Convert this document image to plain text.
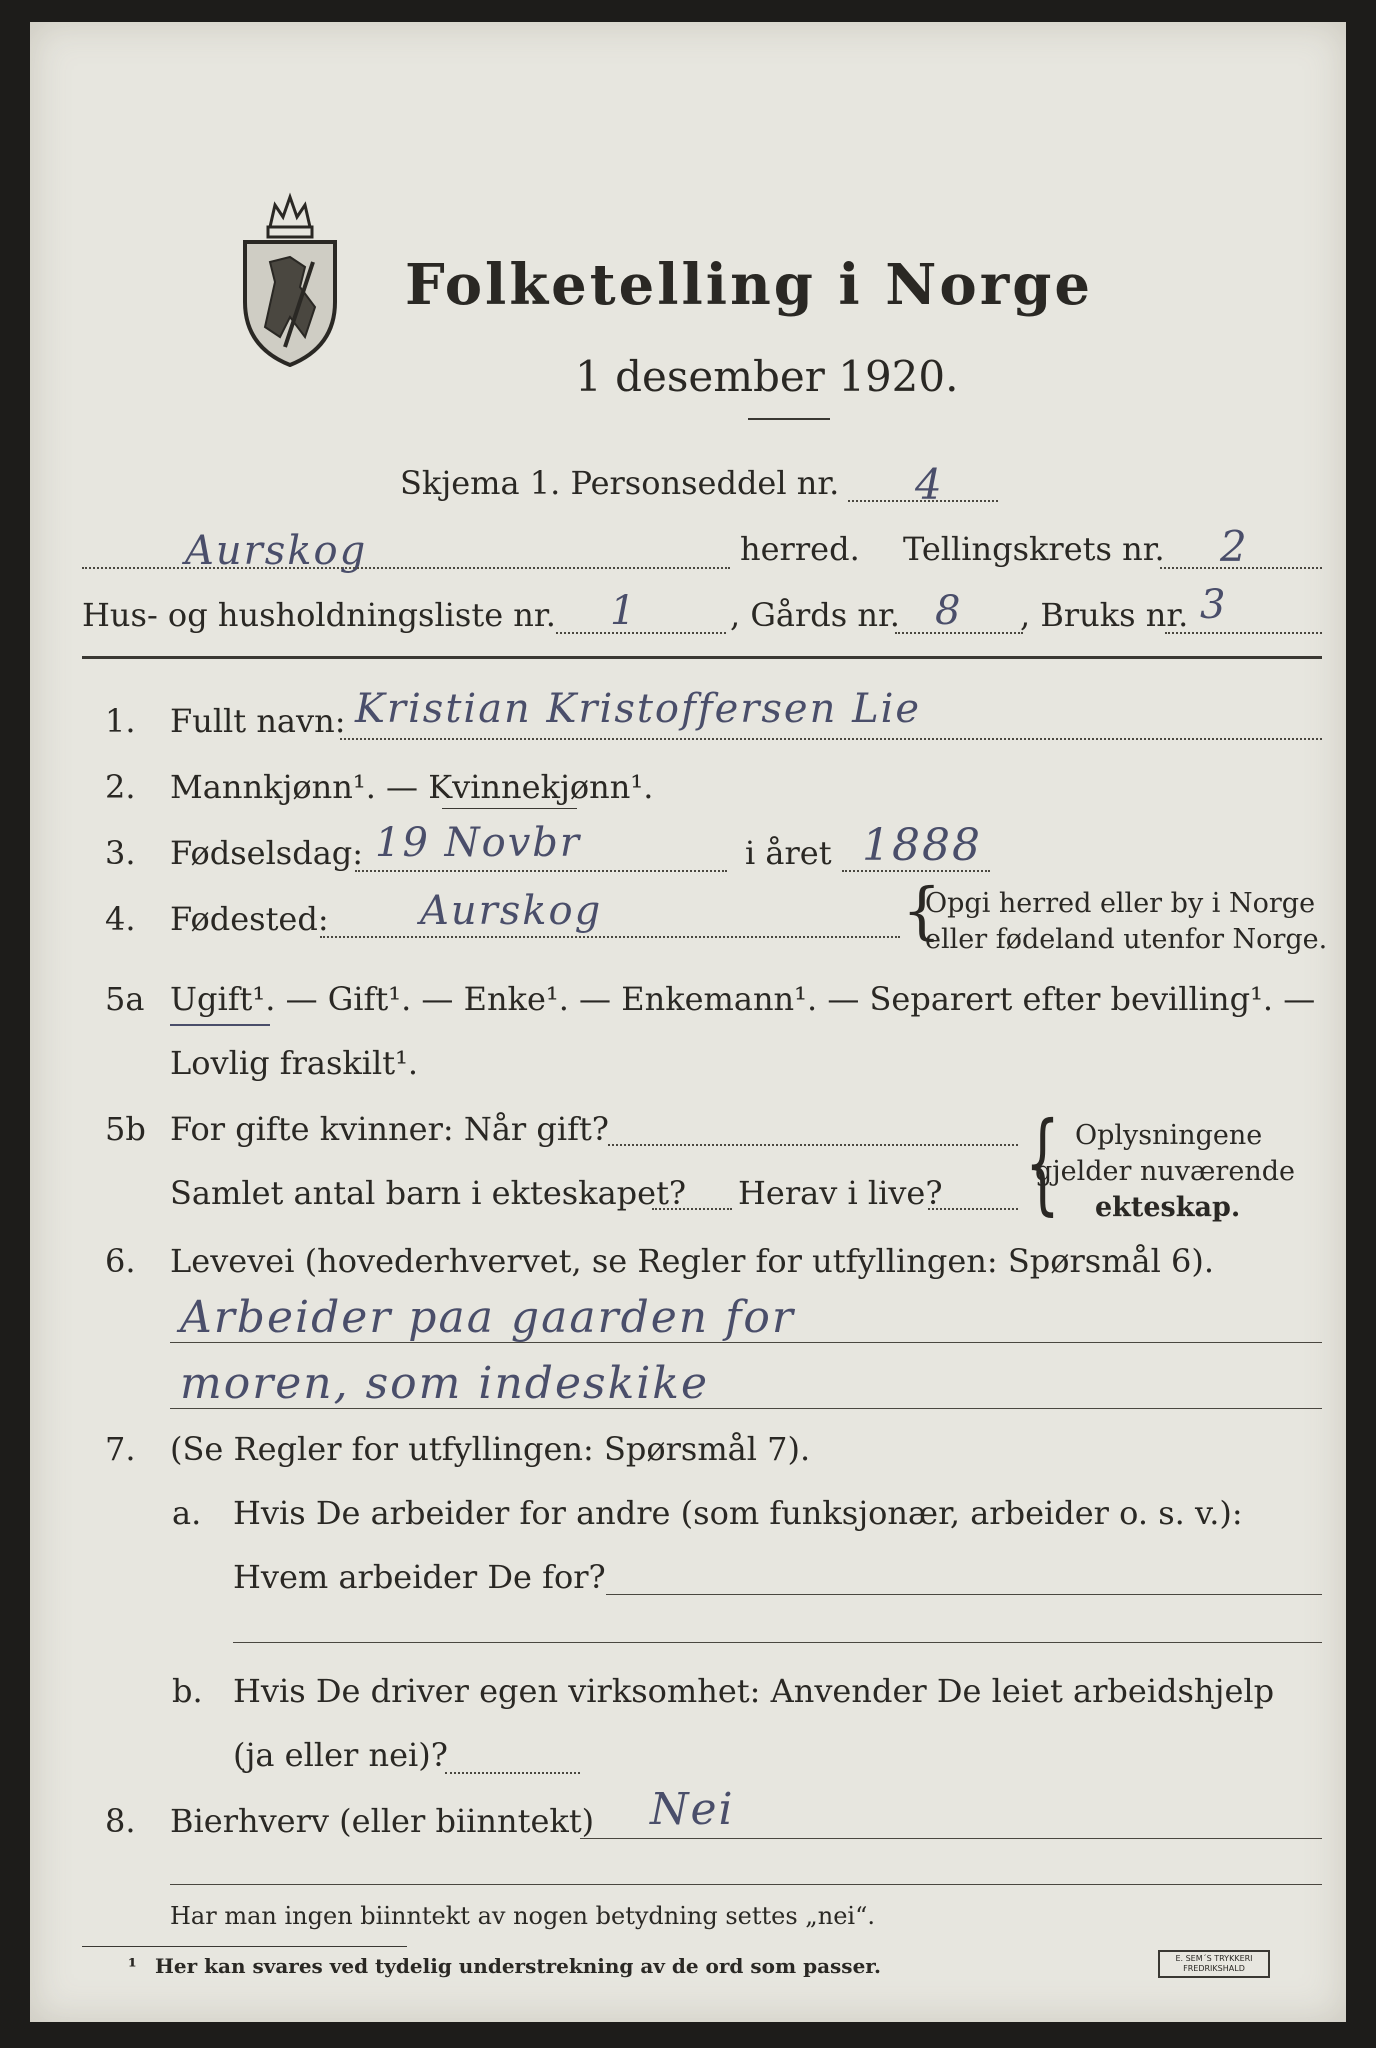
Folketelling i Norge
1 desember 1920.
Skjema 1. Personseddel nr. 4
Aurskog	herred. Tellingskrets nr. 2
Hus- og husholdningsliste nr. 1	, Gårds nr. 8 , Bruks nr. 3
1. Fullt navn: Kristian Kristoffersen Lie
2. Mannkjønn¹. — Kvinnekjønn¹.
3. Fødselsdag: 19 Novbr	i året 1888
4. Fødested: Aurskog	{
Opgi herred eller by i Norge
eller fødeland utenfor Norge.
5a Ugift¹. — Gift¹. — Enke¹. — Enkemann¹. — Separert efter bevilling¹. —
Lovlig fraskilt¹.
5b For gifte kvinner: Når gift?
Samlet antal barn i ekteskapet? Herav i live? { Oplysningene
gjelder nuværende
ekteskap.
6. Levevei (hovederhvervet, se Regler for utfyllingen: Spørsmål 6).
Arbeider paa gaarden for
moren, som indeskike
7. (Se Regler for utfyllingen: Spørsmål 7).
a. Hvis De arbeider for andre (som funksjonær, arbeider o. s. v.):
Hvem arbeider De for?
b. Hvis De driver egen virksomhet: Anvender De leiet arbeidshjelp
(ja eller nei)?
8. Bierhverv (eller biinntekt) Nei
Har man ingen biinntekt av nogen betydning settes „nei“.
¹ Her kan svares ved tydelig understrekning av de ord som passer.	E. SEM´S TRYKKERI
FREDRIKSHALD
